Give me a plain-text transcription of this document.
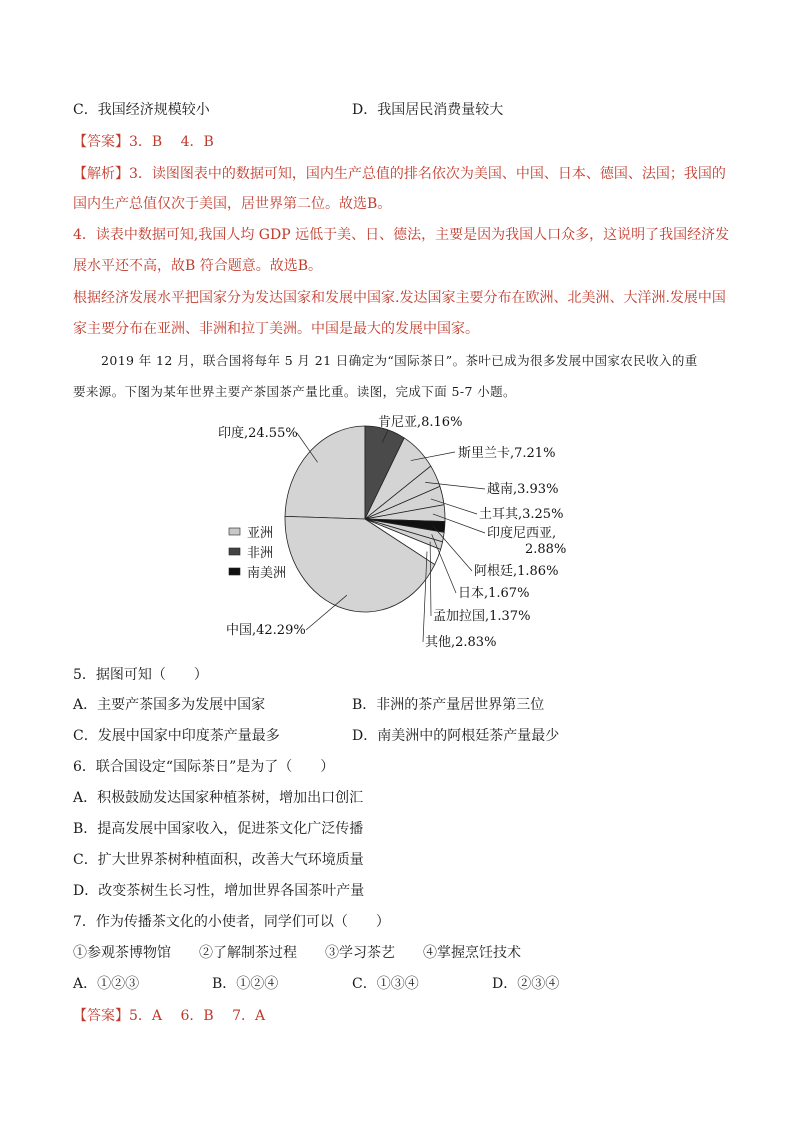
C．我国经济规模较小	D．我国居民消费量较大
【答案】3．B　 4．B
【解析】3．读图图表中的数据可知，国内生产总值的排名依次为美国、中国、日本、德国、法国；我国的
国内生产总值仅次于美国，居世界第二位。故选B。
4．读表中数据可知,我国人均 GDP 远低于美、日、德法，主要是因为我国人口众多，这说明了我国经济发
展水平还不高，故B 符合题意。故选B。
根据经济发展水平把国家分为发达国家和发展中国家.发达国家主要分布在欧洲、北美洲、大洋洲.发展中国
家主要分布在亚洲、非洲和拉丁美洲。中国是最大的发展中国家。
2019 年 12 月，联合国将每年 5 月 21 日确定为“国际茶日”。茶叶已成为很多发展中国家农民收入的重
要来源。下图为某年世界主要产茶国茶产量比重。读图，完成下面 5-7 小题。
印度,24.55%
肯尼亚,8.16%
斯里兰卡,7.21%
越南,3.93%
土耳其,3.25%
印度尼西亚,
2.88%
阿根廷,1.86%
日本,1.67%
孟加拉国,1.37%
其他,2.83%
中国,42.29%
亚洲
非洲
南美洲
5．据图可知（　　）
A．主要产茶国多为发展中国家	B．非洲的茶产量居世界第三位
C．发展中国家中印度茶产量最多	D．南美洲中的阿根廷茶产量最少
6．联合国设定“国际茶日”是为了（　　）
A．积极鼓励发达国家种植茶树，增加出口创汇
B．提高发展中国家收入，促进茶文化广泛传播
C．扩大世界茶树种植面积，改善大气环境质量
D．改变茶树生长习性，增加世界各国茶叶产量
7．作为传播茶文化的小使者，同学们可以（　　）
①参观茶博物馆　　②了解制茶过程　　③学习茶艺　　④掌握烹饪技术
A．①②③	B．①②④	C．①③④	D．②③④
【答案】5．A　 6．B　 7．A
